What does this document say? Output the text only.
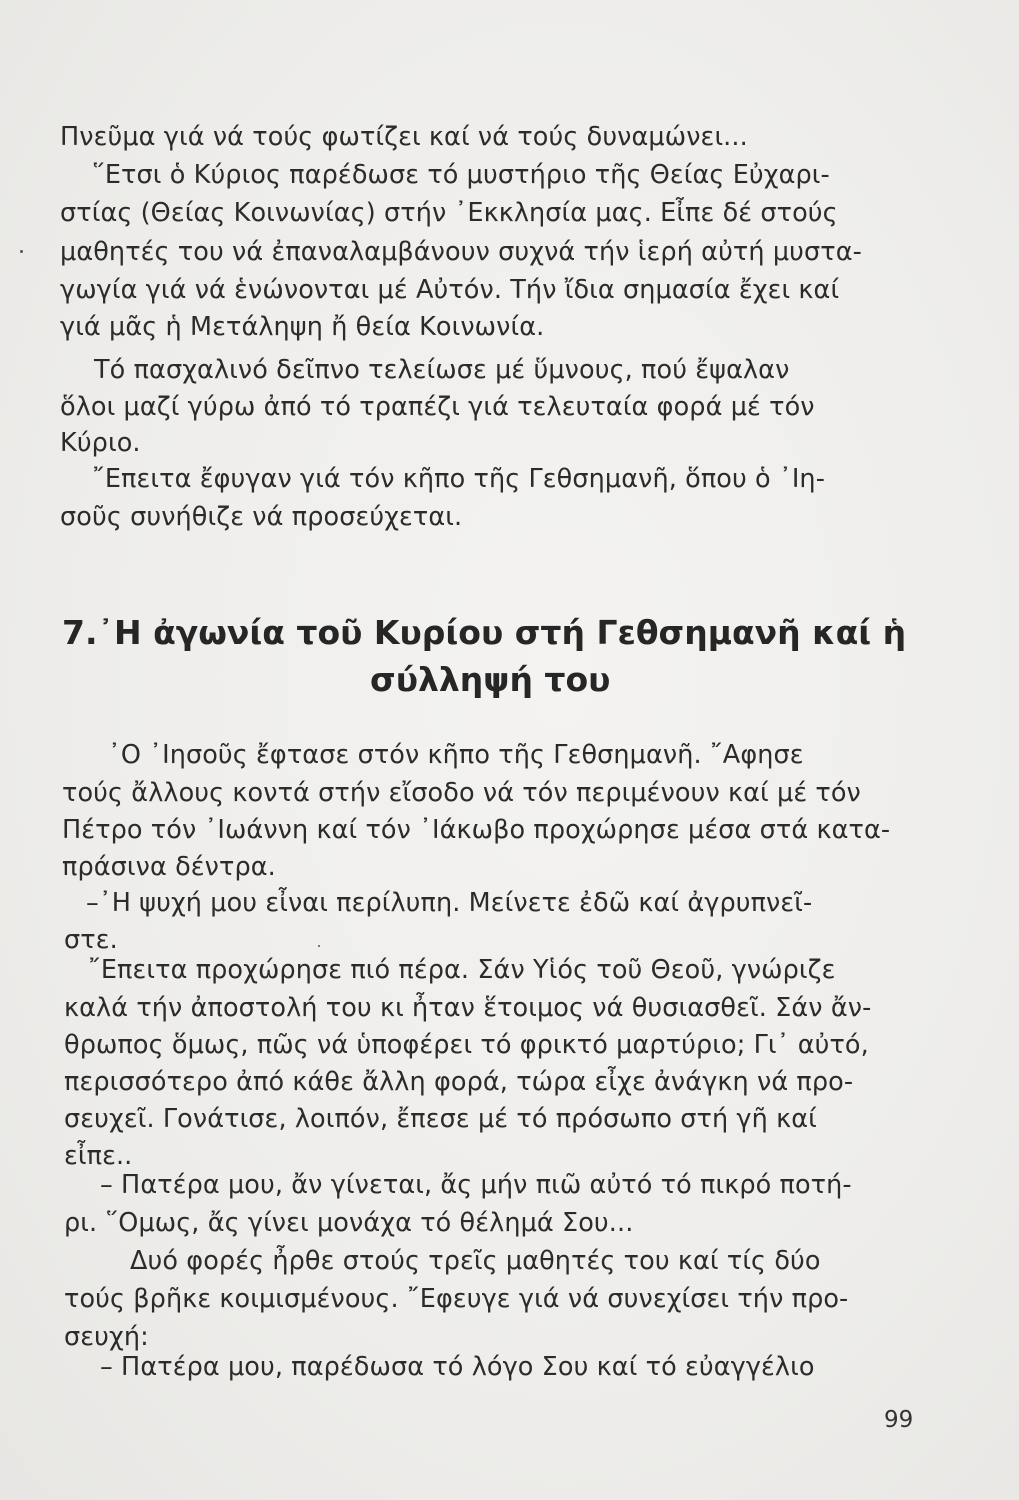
Πνεῦμα γιά νά τούς φωτίζει καί νά τούς δυναμώνει...
῞Ετσι ὁ Κύριος παρέδωσε τό μυστήριο τῆς Θείας Εὐχαρι-
στίας (Θείας Κοινωνίας) στήν ᾿Εκκλησία μας. Εἶπε δέ στούς
μαθητές του νά ἐπαναλαμβάνουν συχνά τήν ἱερή αὐτή μυστα-
γωγία γιά νά ἑνώνονται μέ Αὐτόν. Τήν ἴδια σημασία ἔχει καί
γιά μᾶς ἡ Μετάληψη ἤ θεία Κοινωνία.
Τό πασχαλινό δεῖπνο τελείωσε μέ ὕμνους, πού ἔψαλαν
ὅλοι μαζί γύρω ἀπό τό τραπέζι γιά τελευταία φορά μέ τόν
Κύριο.
῎Επειτα ἔφυγαν γιά τόν κῆπο τῆς Γεθσημανῆ, ὅπου ὁ ᾿Ιη-
σοῦς συνήθιζε νά προσεύχεται.
7.᾿Η ἀγωνία τοῦ Κυρίου στή Γεθσημανῆ καί ἡ
σύλληψή του
᾿Ο ᾿Ιησοῦς ἔφτασε στόν κῆπο τῆς Γεθσημανῆ. ῎Αφησε
τούς ἄλλους κοντά στήν εἴσοδο νά τόν περιμένουν καί μέ τόν
Πέτρο τόν ᾿Ιωάννη καί τόν ᾿Ιάκωβο προχώρησε μέσα στά κατα-
πράσινα δέντρα.
–᾿Η ψυχή μου εἶναι περίλυπη. Μείνετε ἐδῶ καί ἀγρυπνεῖ-
στε.
῎Επειτα προχώρησε πιό πέρα. Σάν Υἱός τοῦ Θεοῦ, γνώριζε
καλά τήν ἀποστολή του κι ἦταν ἕτοιμος νά θυσιασθεῖ. Σάν ἄν-
θρωπος ὅμως, πῶς νά ὑποφέρει τό φρικτό μαρτύριο; Γι᾿ αὐτό,
περισσότερο ἀπό κάθε ἄλλη φορά, τώρα εἶχε ἀνάγκη νά προ-
σευχεῖ. Γονάτισε, λοιπόν, ἔπεσε μέ τό πρόσωπο στή γῆ καί
εἶπε..
– Πατέρα μου, ἄν γίνεται, ἄς μήν πιῶ αὐτό τό πικρό ποτή-
ρι. ῞Ομως, ἄς γίνει μονάχα τό θέλημά Σου...
Δυό φορές ἦρθε στούς τρεῖς μαθητές του καί τίς δύο
τούς βρῆκε κοιμισμένους. ῎Εφευγε γιά νά συνεχίσει τήν προ-
σευχή:
– Πατέρα μου, παρέδωσα τό λόγο Σου καί τό εὐαγγέλιο
99
